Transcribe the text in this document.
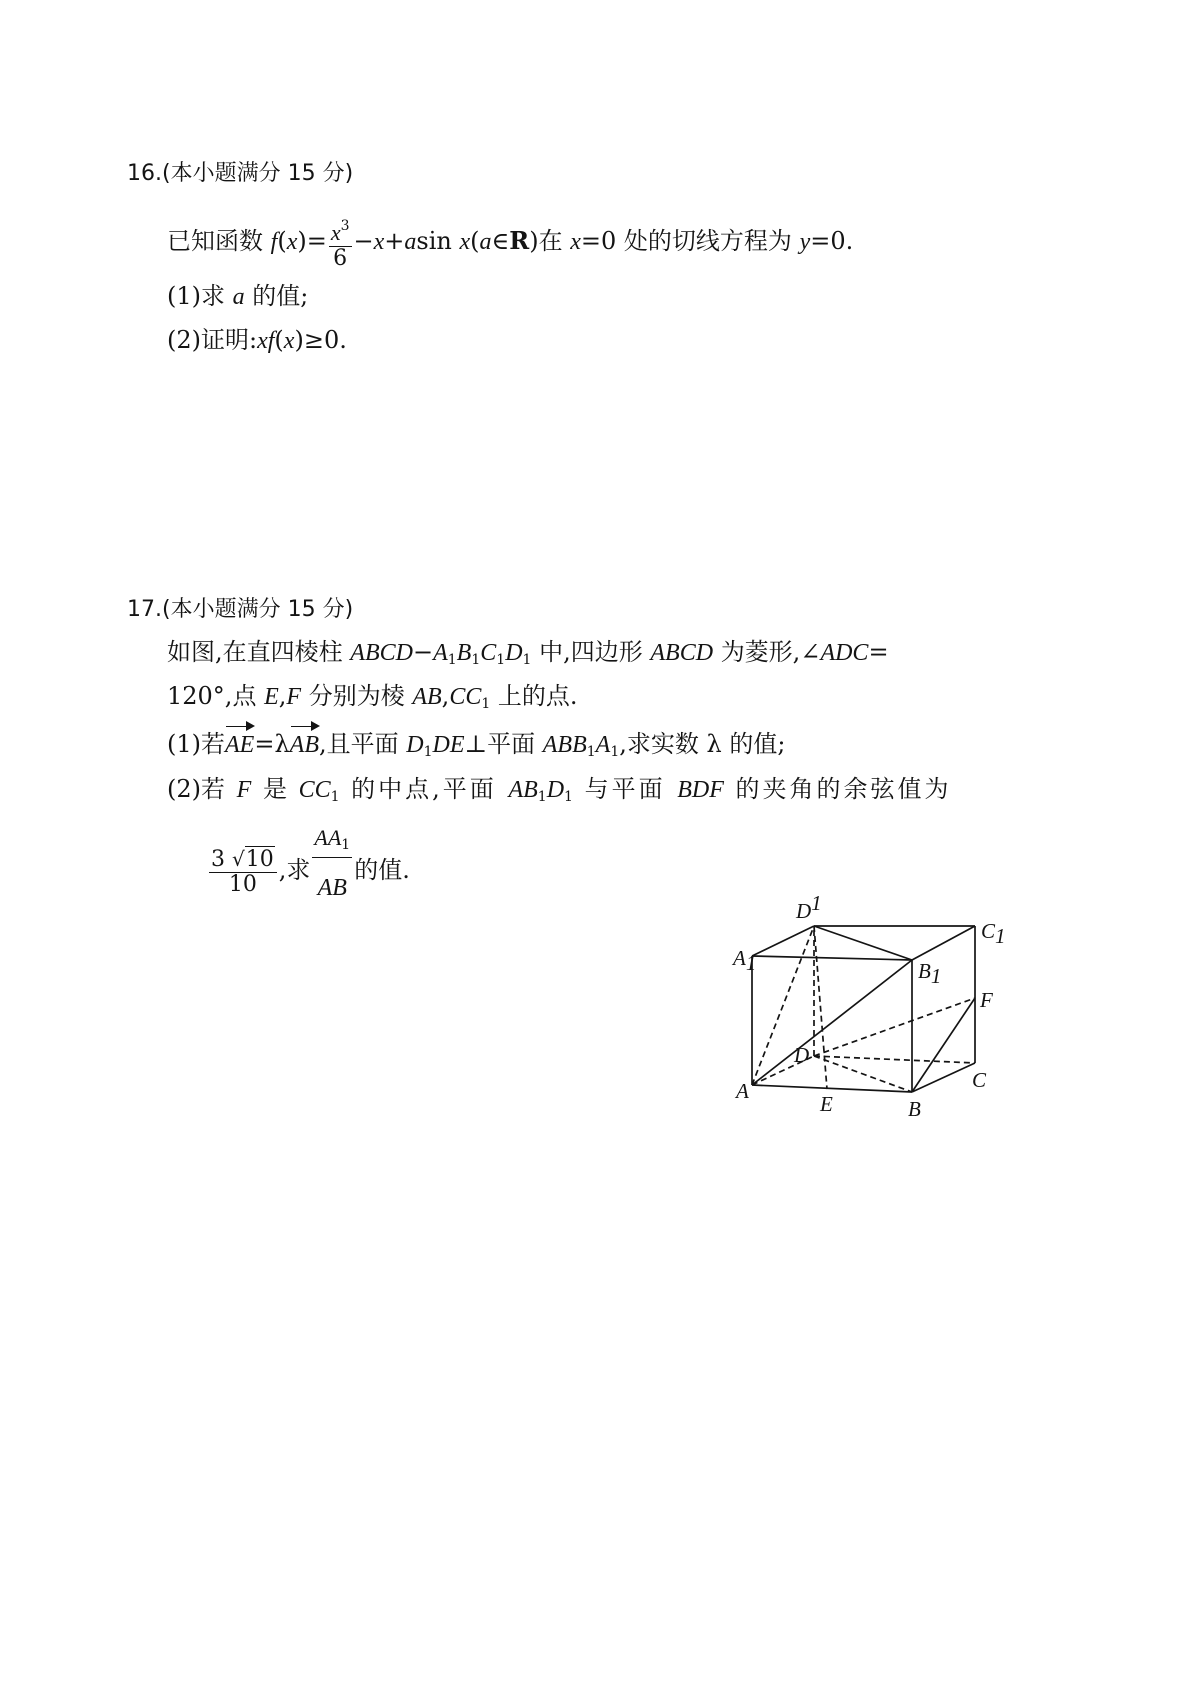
16.(本小题满分 15 分)
已知函数 $f(x)= \frac{x^3}{6} -x+asin$ x(a∈R)在 x=0 处的切线方程为 y=0.
(1)求 a 的值;
(2)证明:xf(x)≥0.
17.(本小题满分 15 分)
如图,在直四棱柱 $ABCD-A_1B_1C_1D_1$ 中,四边形 ABCD 为菱形,∠ADC=
120°,点 E,F 分别为棱 $AB,CC_1$ 上的点.
(1)若AE=λAB,且平面 $D_1DE\perp$平面 $ABB_1A_1$,求实数 λ 的值;
(2)若 F 是 $CC_1$ 的中点,平面 $AB_1D_1$ 与平面 BDF 的夹角的余弦值为
$\frac{3 √10}{10}$ ,求 $\frac{AA_1}{AB}$的值.
D1
C1
A1	B1
F
D
C
A
E	B
